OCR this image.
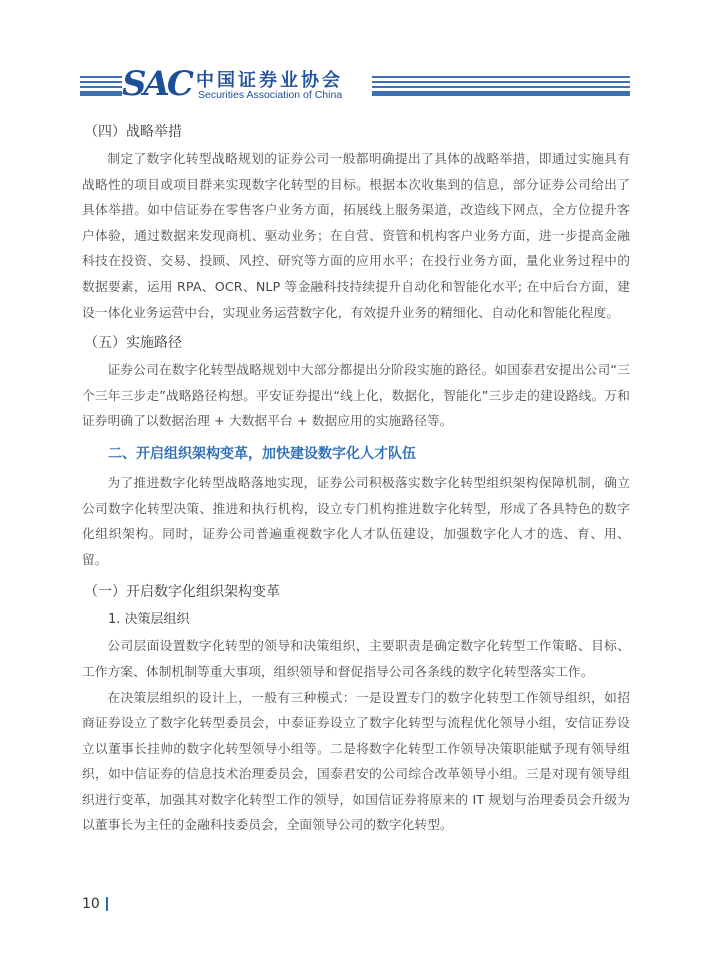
SAC 中国证券业协会
Securities Association of China

（四）战略举措

制定了数字化转型战略规划的证券公司一般都明确提出了具体的战略举措，即通过实施具有战略性的项目或项目群来实现数字化转型的目标。根据本次收集到的信息，部分证券公司给出了具体举措。如中信证券在零售客户业务方面，拓展线上服务渠道，改造线下网点，全方位提升客户体验，通过数据来发现商机、驱动业务；在自营、资管和机构客户业务方面，进一步提高金融科技在投资、交易、投顾、风控、研究等方面的应用水平；在投行业务方面，量化业务过程中的数据要素，运用 RPA、OCR、NLP 等金融科技持续提升自动化和智能化水平; 在中后台方面，建设一体化业务运营中台，实现业务运营数字化，有效提升业务的精细化、自动化和智能化程度。

（五）实施路径

证券公司在数字化转型战略规划中大部分都提出分阶段实施的路径。如国泰君安提出公司“三个三年三步走”战略路径构想。平安证券提出“线上化，数据化，智能化”三步走的建设路线。万和证券明确了以数据治理 + 大数据平台 + 数据应用的实施路径等。

二、开启组织架构变革，加快建设数字化人才队伍

为了推进数字化转型战略落地实现，证券公司积极落实数字化转型组织架构保障机制，确立公司数字化转型决策、推进和执行机构，设立专门机构推进数字化转型，形成了各具特色的数字化组织架构。同时，证券公司普遍重视数字化人才队伍建设，加强数字化人才的选、育、用、留。

（一）开启数字化组织架构变革

1. 决策层组织

公司层面设置数字化转型的领导和决策组织，主要职责是确定数字化转型工作策略、目标、工作方案、体制机制等重大事项，组织领导和督促指导公司各条线的数字化转型落实工作。

在决策层组织的设计上，一般有三种模式：一是设置专门的数字化转型工作领导组织，如招商证券设立了数字化转型委员会，中泰证券设立了数字化转型与流程优化领导小组，安信证券设立以董事长挂帅的数字化转型领导小组等。二是将数字化转型工作领导决策职能赋予现有领导组织，如中信证券的信息技术治理委员会，国泰君安的公司综合改革领导小组。三是对现有领导组织进行变革，加强其对数字化转型工作的领导，如国信证券将原来的 IT 规划与治理委员会升级为以董事长为主任的金融科技委员会，全面领导公司的数字化转型。

10
